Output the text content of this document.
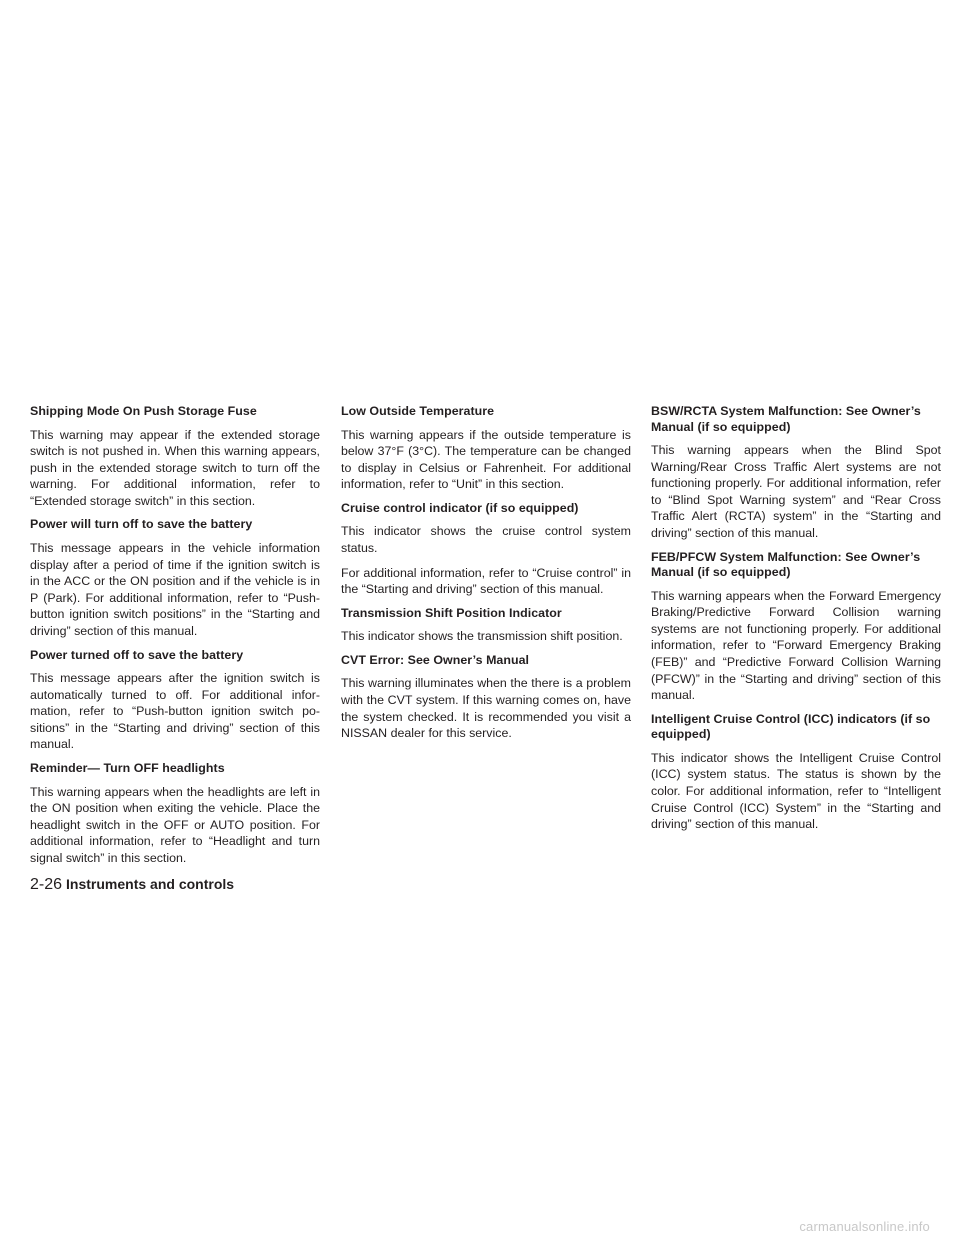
Shipping Mode On Push Storage Fuse

This warning may appear if the extended storage switch is not pushed in. When this warning appears, push in the extended storage switch to turn off the warning. For additional information, refer to “Extended storage switch” in this section.

Power will turn off to save the battery

This message appears in the vehicle information display after a period of time if the ignition switch is in the ACC or the ON position and if the vehicle is in P (Park). For additional information, refer to “Push-button ignition switch positions” in the “Starting and driving” section of this manual.

Power turned off to save the battery

This message appears after the ignition switch is automatically turned to off. For additional information, refer to “Push-button ignition switch positions” in the “Starting and driving” section of this manual.

Reminder— Turn OFF headlights

This warning appears when the headlights are left in the ON position when exiting the vehicle. Place the headlight switch in the OFF or AUTO position. For additional information, refer to “Headlight and turn signal switch” in this section.

Low Outside Temperature

This warning appears if the outside temperature is below 37°F (3°C). The temperature can be changed to display in Celsius or Fahrenheit. For additional information, refer to “Unit” in this section.

Cruise control indicator (if so equipped)

This indicator shows the cruise control system status.

For additional information, refer to “Cruise control” in the “Starting and driving” section of this manual.

Transmission Shift Position Indicator

This indicator shows the transmission shift position.

CVT Error: See Owner’s Manual

This warning illuminates when the there is a problem with the CVT system. If this warning comes on, have the system checked. It is recommended you visit a NISSAN dealer for this service.

BSW/RCTA System Malfunction: See Owner’s Manual (if so equipped)

This warning appears when the Blind Spot Warning/Rear Cross Traffic Alert systems are not functioning properly. For additional information, refer to “Blind Spot Warning system” and “Rear Cross Traffic Alert (RCTA) system” in the “Starting and driving” section of this manual.

FEB/PFCW System Malfunction: See Owner’s Manual (if so equipped)

This warning appears when the Forward Emergency Braking/Predictive Forward Collision warning systems are not functioning properly. For additional information, refer to “Forward Emergency Braking (FEB)” and “Predictive Forward Collision Warning (PFCW)” in the “Starting and driving” section of this manual.

Intelligent Cruise Control (ICC) indicators (if so equipped)

This indicator shows the Intelligent Cruise Control (ICC) system status. The status is shown by the color. For additional information, refer to “Intelligent Cruise Control (ICC) System” in the “Starting and driving” section of this manual.

2-26 Instruments and controls
carmanualsonline.info
